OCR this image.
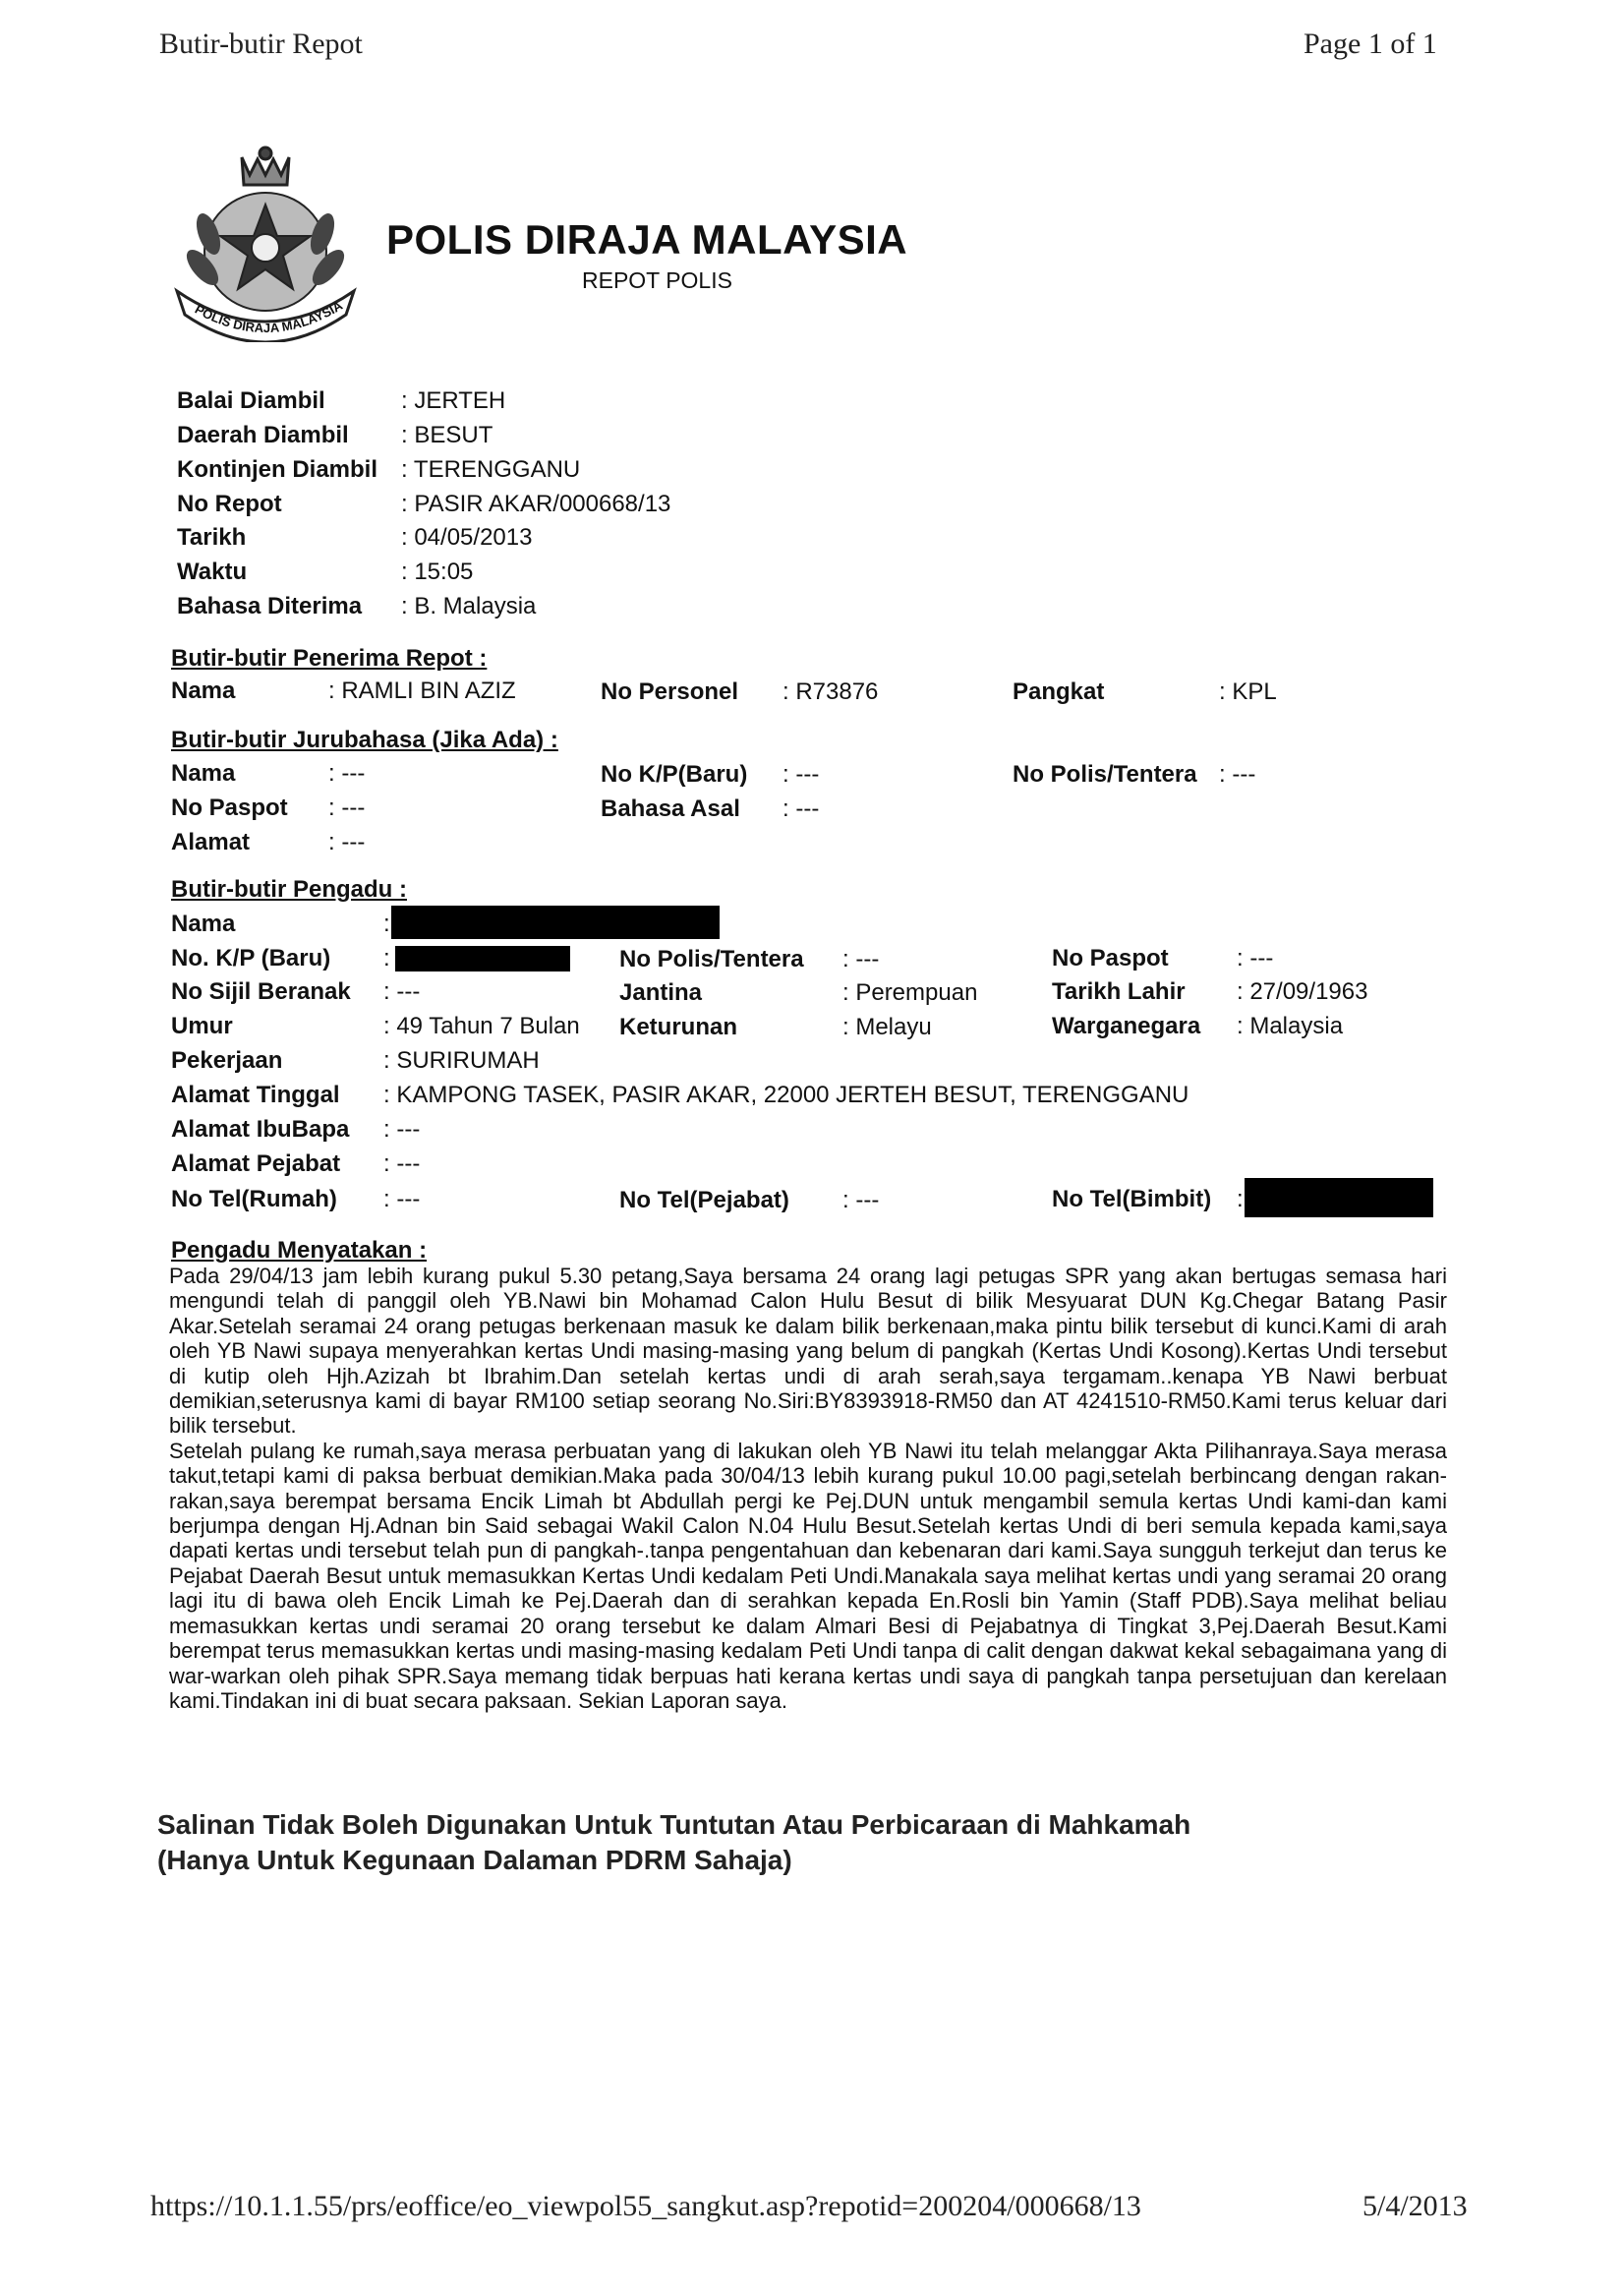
Butir-butir Repot	Page 1 of 1
POLIS DIRAJA MALAYSIA
POLIS DIRAJA MALAYSIA
REPOT POLIS
Balai Diambil	: JERTEH
Daerah Diambil : BESUT
Kontinjen Diambil : TERENGGANU
No Repot	: PASIR AKAR/000668/13
Tarikh	: 04/05/2013
Waktu	: 15:05
Bahasa Diterima : B. Malaysia
Butir-butir Penerima Repot :
Nama	: RAMLI BIN AZIZ	No Personel : R73876	Pangkat	: KPL
Butir-butir Jurubahasa (Jika Ada) :
Nama	: ---	No K/P(Baru) : ---	No Polis/Tentera : ---
No Paspot : ---	Bahasa Asal : ---
Alamat	: ---
Butir-butir Pengadu :
Nama	:
No. K/P (Baru) :	No Polis/Tentera : ---	No Paspot	: ---
No Sijil Beranak : ---	Jantina	: Perempuan	Tarikh Lahir : 27/09/1963
Umur	: 49 Tahun 7 Bulan Keturunan	: Melayu	Warganegara : Malaysia
Pekerjaan	: SURIRUMAH
Alamat Tinggal : KAMPONG TASEK, PASIR AKAR, 22000 JERTEH BESUT, TERENGGANU
Alamat IbuBapa : ---
Alamat Pejabat : ---
No Tel(Rumah) : ---	No Tel(Pejabat) : ---	No Tel(Bimbit) :
Pengadu Menyatakan :

Pada 29/04/13 jam lebih kurang pukul 5.30 petang,Saya bersama 24 orang lagi petugas SPR yang akan bertugas semasa hari mengundi telah di panggil oleh YB.Nawi bin Mohamad Calon Hulu Besut di bilik Mesyuarat DUN Kg.Chegar Batang Pasir Akar.Setelah seramai 24 orang petugas berkenaan masuk ke dalam bilik berkenaan,maka pintu bilik tersebut di kunci.Kami di arah oleh YB Nawi supaya menyerahkan kertas Undi masing-masing yang belum di pangkah (Kertas Undi Kosong).Kertas Undi tersebut di kutip oleh Hjh.Azizah bt Ibrahim.Dan setelah kertas undi di arah serah,saya tergamam..kenapa YB Nawi berbuat demikian,seterusnya kami di bayar RM100 setiap seorang No.Siri:BY8393918-RM50 dan AT 4241510-RM50.Kami terus keluar dari bilik tersebut.

Setelah pulang ke rumah,saya merasa perbuatan yang di lakukan oleh YB Nawi itu telah melanggar Akta Pilihanraya.Saya merasa takut,tetapi kami di paksa berbuat demikian.Maka pada 30/04/13 lebih kurang pukul 10.00 pagi,setelah berbincang dengan rakan-rakan,saya berempat bersama Encik Limah bt Abdullah pergi ke Pej.DUN untuk mengambil semula kertas Undi kami-dan kami berjumpa dengan Hj.Adnan bin Said sebagai Wakil Calon N.04 Hulu Besut.Setelah kertas Undi di beri semula kepada kami,saya dapati kertas undi tersebut telah pun di pangkah-.tanpa pengentahuan dan kebenaran dari kami.Saya sungguh terkejut dan terus ke Pejabat Daerah Besut untuk memasukkan Kertas Undi kedalam Peti Undi.Manakala saya melihat kertas undi yang seramai 20 orang lagi itu di bawa oleh Encik Limah ke Pej.Daerah dan di serahkan kepada En.Rosli bin Yamin (Staff PDB).Saya melihat beliau memasukkan kertas undi seramai 20 orang tersebut ke dalam Almari Besi di Pejabatnya di Tingkat 3,Pej.Daerah Besut.Kami berempat terus memasukkan kertas undi masing-masing kedalam Peti Undi tanpa di calit dengan dakwat kekal sebagaimana yang di war-warkan oleh pihak SPR.Saya memang tidak berpuas hati kerana kertas undi saya di pangkah tanpa persetujuan dan kerelaan kami.Tindakan ini di buat secara paksaan. Sekian Laporan saya.

Salinan Tidak Boleh Digunakan Untuk Tuntutan Atau Perbicaraan di Mahkamah
(Hanya Untuk Kegunaan Dalaman PDRM Sahaja)
https://10.1.1.55/prs/eoffice/eo_viewpol55_sangkut.asp?repotid=200204/000668/13	5/4/2013
